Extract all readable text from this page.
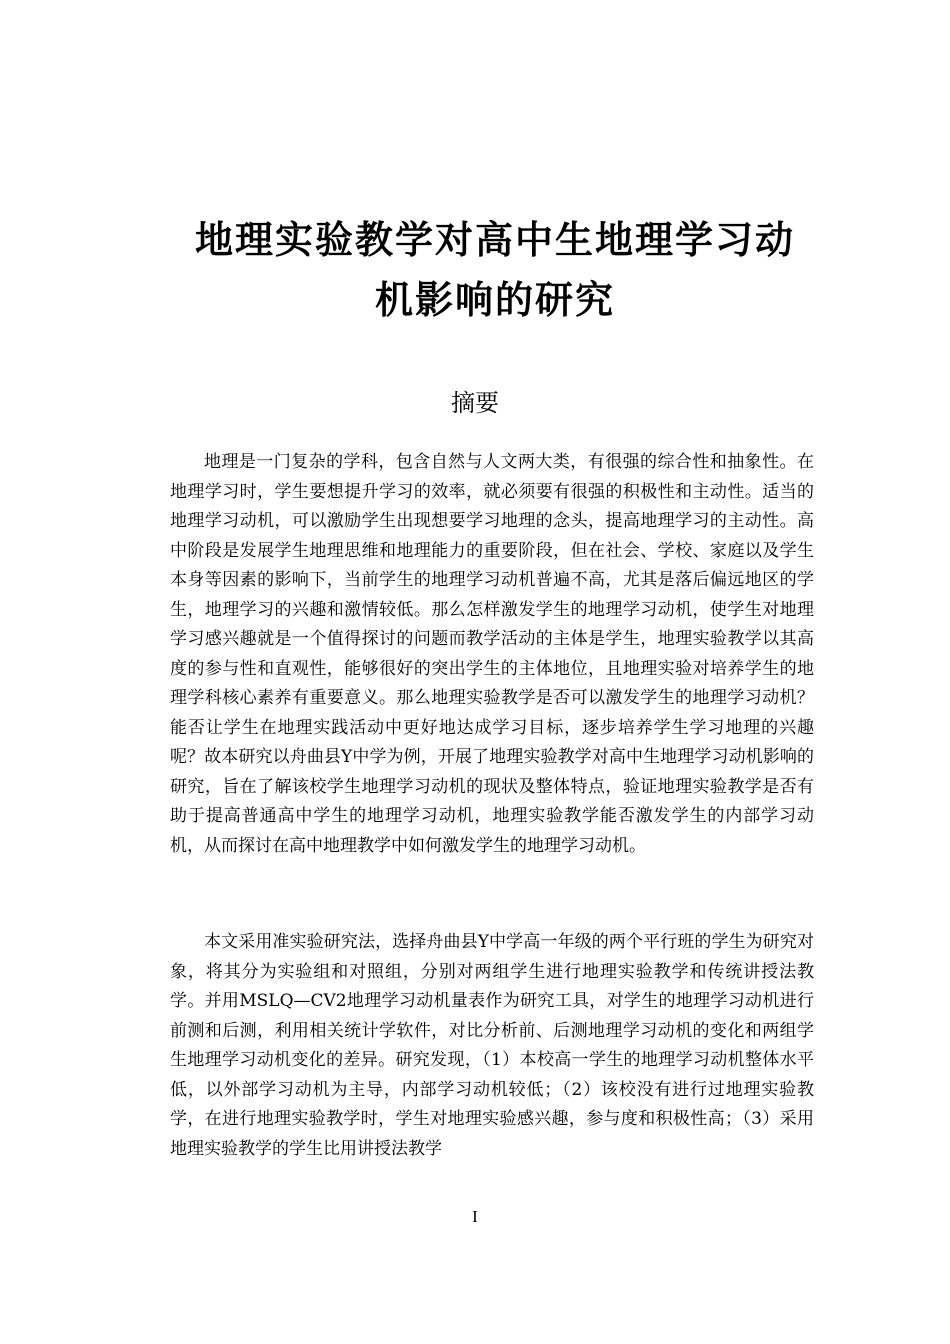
地理实验教学对高中生地理学习动
机影响的研究
摘要

地理是一门复杂的学科，包含自然与人文两大类，有很强的综合性和抽象性。在地理学习时，学生要想提升学习的效率，就必须要有很强的积极性和主动性。适当的地理学习动机，可以激励学生出现想要学习地理的念头，提高地理学习的主动性。高中阶段是发展学生地理思维和地理能力的重要阶段，但在社会、学校、家庭以及学生本身等因素的影响下，当前学生的地理学习动机普遍不高，尤其是落后偏远地区的学生，地理学习的兴趣和激情较低。那么怎样激发学生的地理学习动机，使学生对地理学习感兴趣就是一个值得探讨的问题而教学活动的主体是学生，地理实验教学以其高度的参与性和直观性，能够很好的突出学生的主体地位，且地理实验对培养学生的地理学科核心素养有重要意义。那么地理实验教学是否可以激发学生的地理学习动机？能否让学生在地理实践活动中更好地达成学习目标，逐步培养学生学习地理的兴趣呢？故本研究以舟曲县Y中学为例，开展了地理实验教学对高中生地理学习动机影响的研究，旨在了解该校学生地理学习动机的现状及整体特点，验证地理实验教学是否有助于提高普通高中学生的地理学习动机，地理实验教学能否激发学生的内部学习动机，从而探讨在高中地理教学中如何激发学生的地理学习动机。

本文采用准实验研究法，选择舟曲县Y中学高一年级的两个平行班的学生为研究对象，将其分为实验组和对照组，分别对两组学生进行地理实验教学和传统讲授法教学。并用MSLQ—CV2地理学习动机量表作为研究工具，对学生的地理学习动机进行前测和后测，利用相关统计学软件，对比分析前、后测地理学习动机的变化和两组学生地理学习动机变化的差异。研究发现，（1）本校高一学生的地理学习动机整体水平低，以外部学习动机为主导，内部学习动机较低；（2）该校没有进行过地理实验教学，在进行地理实验教学时，学生对地理实验感兴趣，参与度和积极性高；（3）采用地理实验教学的学生比用讲授法教学

I
